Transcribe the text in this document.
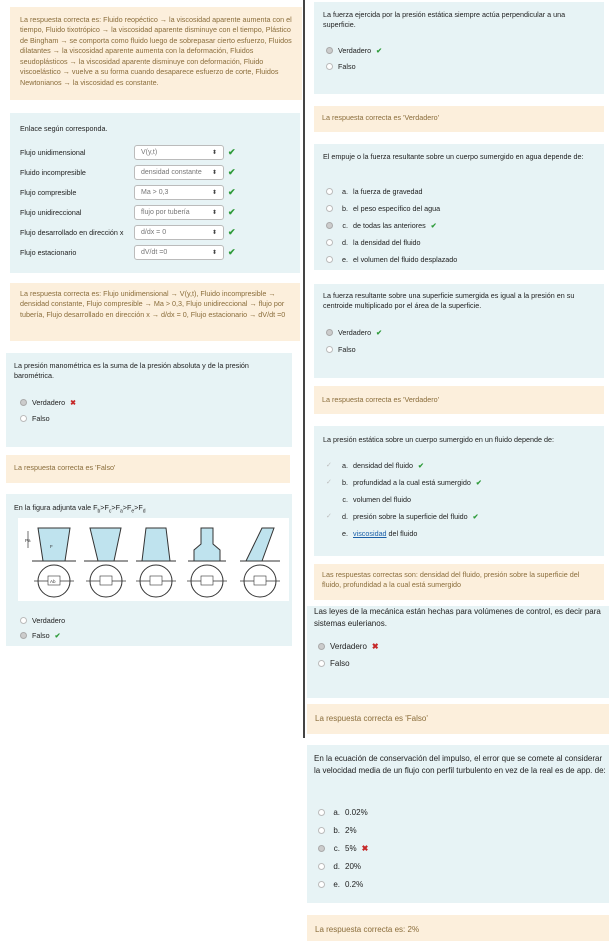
La respuesta correcta es: Fluido reopéctico → la viscosidad aparente aumenta con el tiempo, Fluido tixotrópico → la viscosidad aparente disminuye con el tiempo, Plástico de Bingham → se comporta como fluido luego de sobrepasar cierto esfuerzo, Fluidos dilatantes → la viscosidad aparente aumenta con la deformación, Fluidos seudoplásticos → la viscosidad aparente disminuye con deformación, Fluido viscoelástico → vuelve a su forma cuando desaparece esfuerzo de corte, Fluidos Newtonianos → la viscosidad es constante.
Enlace según corresponda.
Flujo unidimensional	V(y,t)	⬍ ✔
Fluido incompresible	densidad constante ⬍ ✔
Flujo compresible	Ma > 0,3	⬍ ✔
Flujo unidireccional	flujo por tubería	⬍ ✔
Flujo desarrollado en dirección x	d/dx = 0	⬍ ✔
Flujo estacionario	dV/dt =0	⬍ ✔
La respuesta correcta es: Flujo unidimensional → V(y,t), Fluido incompresible → densidad constante, Flujo compresible → Ma > 0,3, Flujo unidireccional → flujo por tubería, Flujo desarrollado en dirección x → d/dx = 0, Flujo estacionario → dV/dt =0
La presión manométrica es la suma de la presión absoluta y de la presión barométrica.
Verdadero ✖
Falso
La respuesta correcta es 'Falso'
En la figura adjunta vale $F_b>F_c>F_a>F_e>F_d$
Pa
F
Ab
Verdadero
Falso ✔
La fuerza ejercida por la presión estática siempre actúa perpendicular a una superficie.
Verdadero ✔
Falso
La respuesta correcta es 'Verdadero'
El empuje o la fuerza resultante sobre un cuerpo sumergido en agua depende de:
a. la fuerza de gravedad
b. el peso específico del agua
c. de todas las anteriores ✔
d. la densidad del fluido
e. el volumen del fluido desplazado
La fuerza resultante sobre una superficie sumergida es igual a la presión en su centroide multiplicado por el área de la superficie.
Verdadero ✔
Falso
La respuesta correcta es 'Verdadero'
La presión estática sobre un cuerpo sumergido en un fluido depende de:
✓	a. densidad del fluido ✔
✓	b. profundidad a la cual está sumergido ✔
c. volumen del fluido
✓	d. presión sobre la superficie del fluido ✔
e. viscosidad del fluido
Las respuestas correctas son: densidad del fluido, presión sobre la superficie del fluido, profundidad a la cual está sumergido
Las leyes de la mecánica están hechas para volúmenes de control, es decir para sistemas eulerianos.
Verdadero ✖
Falso
La respuesta correcta es 'Falso'
En la ecuación de conservación del impulso, el error que se comete al considerar la velocidad media de un flujo con perfil turbulento en vez de la real es de app. de:
a. 0.02%
b. 2%
c. 5% ✖
d. 20%
e. 0.2%
La respuesta correcta es: 2%
